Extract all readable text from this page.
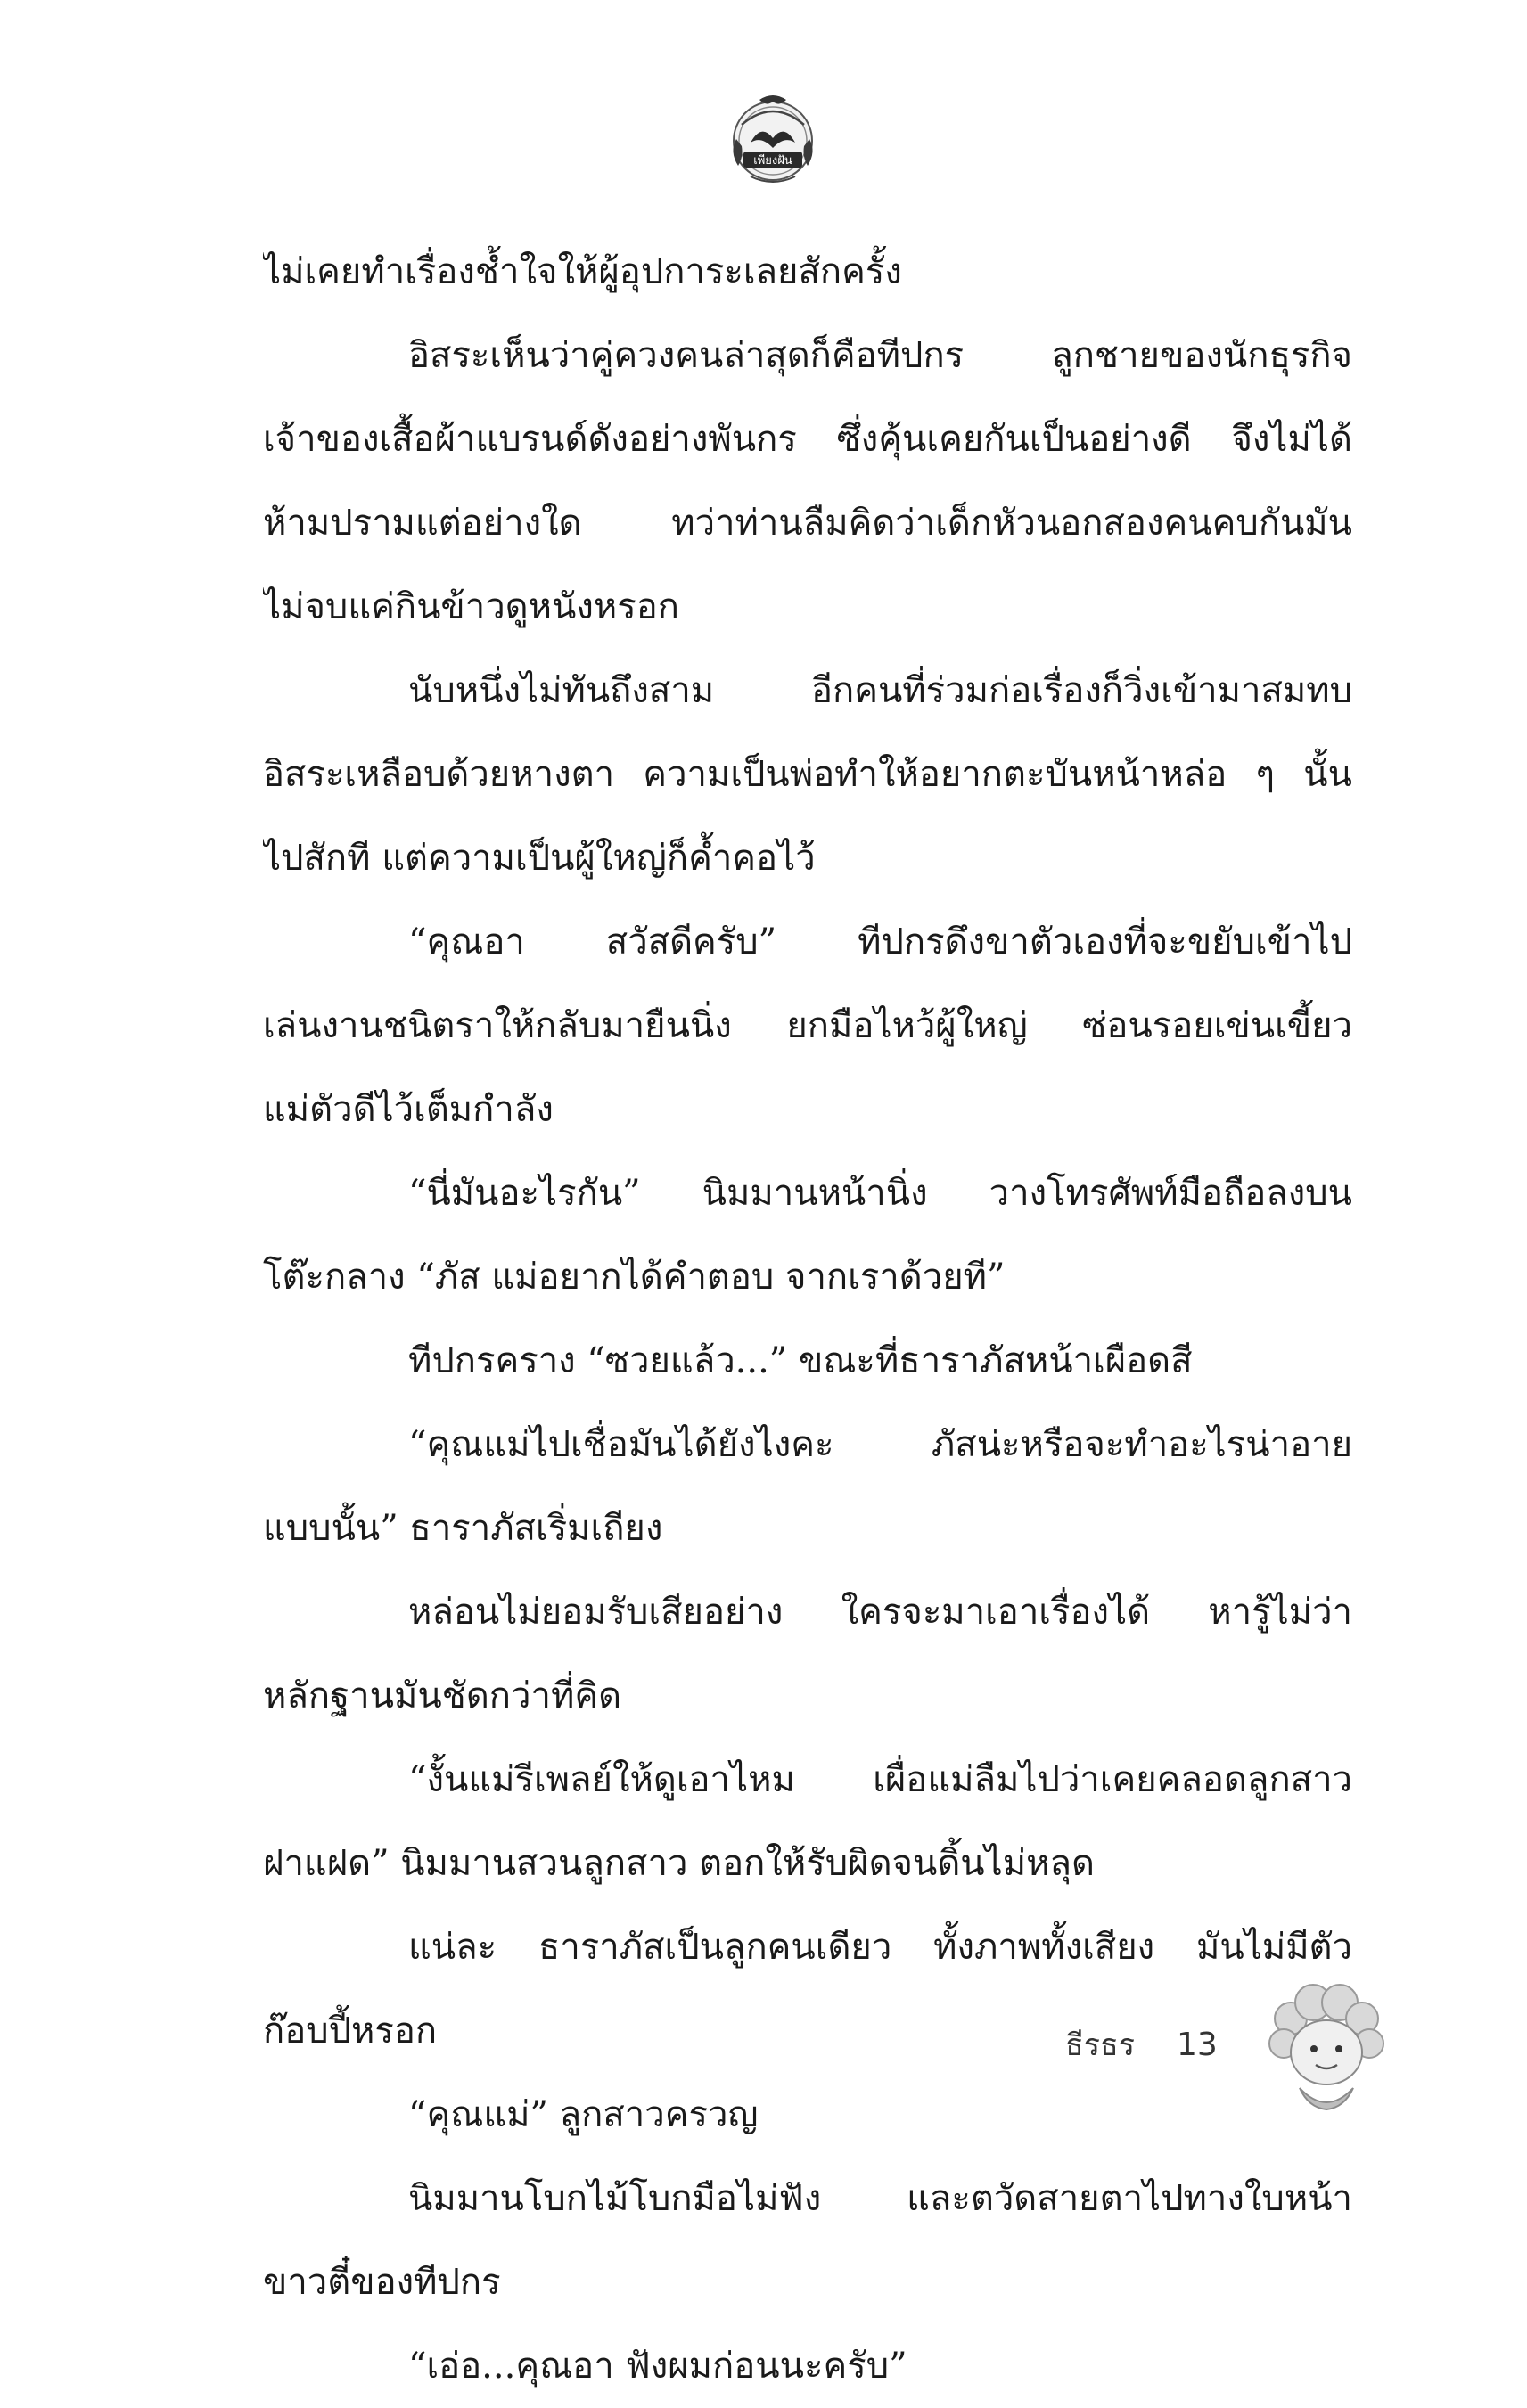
เพียงฝัน
ไม่เคยทำเรื่องช้ำใจให้ผู้อุปการะเลยสักครั้ง
อิสระเห็นว่าคู่ควงคนล่าสุดก็คือทีปกร ลูกชายของนักธุรกิจ
เจ้าของเสื้อผ้าแบรนด์ดังอย่างพันกร ซึ่งคุ้นเคยกันเป็นอย่างดี จึงไม่ได้
ห้ามปรามแต่อย่างใด ทว่าท่านลืมคิดว่าเด็กหัวนอกสองคนคบกันมัน
ไม่จบแค่กินข้าวดูหนังหรอก
นับหนึ่งไม่ทันถึงสาม อีกคนที่ร่วมก่อเรื่องก็วิ่งเข้ามาสมทบ
อิสระเหลือบด้วยหางตา ความเป็นพ่อทำให้อยากตะบันหน้าหล่อ ๆ นั้น
ไปสักที แต่ความเป็นผู้ใหญ่ก็ค้ำคอไว้
“คุณอา สวัสดีครับ” ทีปกรดึงขาตัวเองที่จะขยับเข้าไป
เล่นงานชนิตราให้กลับมายืนนิ่ง ยกมือไหว้ผู้ใหญ่ ซ่อนรอยเข่นเขี้ยว
แม่ตัวดีไว้เต็มกำลัง
“นี่มันอะไรกัน” นิมมานหน้านิ่ง วางโทรศัพท์มือถือลงบน
โต๊ะกลาง “ภัส แม่อยากได้คำตอบ จากเราด้วยที”
ทีปกรคราง “ซวยแล้ว...” ขณะที่ธาราภัสหน้าเผือดสี
“คุณแม่ไปเชื่อมันได้ยังไงคะ ภัสน่ะหรือจะทำอะไรน่าอาย
แบบนั้น” ธาราภัสเริ่มเถียง
หล่อนไม่ยอมรับเสียอย่าง ใครจะมาเอาเรื่องได้ หารู้ไม่ว่า
หลักฐานมันชัดกว่าที่คิด
“งั้นแม่รีเพลย์ให้ดูเอาไหม เผื่อแม่ลืมไปว่าเคยคลอดลูกสาว
ฝาแฝด” นิมมานสวนลูกสาว ตอกให้รับผิดจนดิ้นไม่หลุด
แน่ละ ธาราภัสเป็นลูกคนเดียว ทั้งภาพทั้งเสียง มันไม่มีตัว
ก๊อบปี้หรอก
“คุณแม่” ลูกสาวครวญ
นิมมานโบกไม้โบกมือไม่ฟัง และตวัดสายตาไปทางใบหน้า
ขาวตี๋ของทีปกร
“เอ่อ...คุณอา ฟังผมก่อนนะครับ”
ธีรธร 13
